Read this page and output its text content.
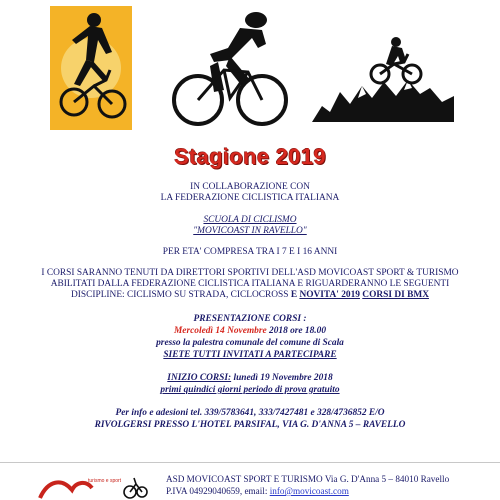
Stagione 2019
IN COLLABORAZIONE CON
LA FEDERAZIONE CICLISTICA ITALIANA
SCUOLA DI CICLISMO
"MOVICOAST IN RAVELLO"
PER ETA' COMPRESA TRA I 7 E I 16 ANNI
I CORSI SARANNO TENUTI DA DIRETTORI SPORTIVI DELL'ASD MOVICOAST SPORT & TURISMO
ABILITATI DALLA FEDERAZIONE CICLISTICA ITALIANA E RIGUARDERANNO LE SEGUENTI
DISCIPLINE: CICLISMO SU STRADA, CICLOCROSS E NOVITA' 2019 CORSI DI BMX
PRESENTAZIONE CORSI :
Mercoledì 14 Novembre 2018 ore 18.00
presso la palestra comunale del comune di Scala
SIETE TUTTI INVITATI A PARTECIPARE
INIZIO CORSI: lunedì 19 Novembre 2018
primi quindici giorni periodo di prova gratuito
Per info e adesioni tel. 339/5783641, 333/7427481 e 328/4736852 E/O
RIVOLGERSI PRESSO L'HOTEL PARSIFAL, VIA G. D'ANNA 5 – RAVELLO
turismo e sport	ASD MOVICOAST SPORT E TURISMO Via G. D'Anna 5 – 84010 Ravello
P.IVA 04929040659, email: info@movicoast.com
